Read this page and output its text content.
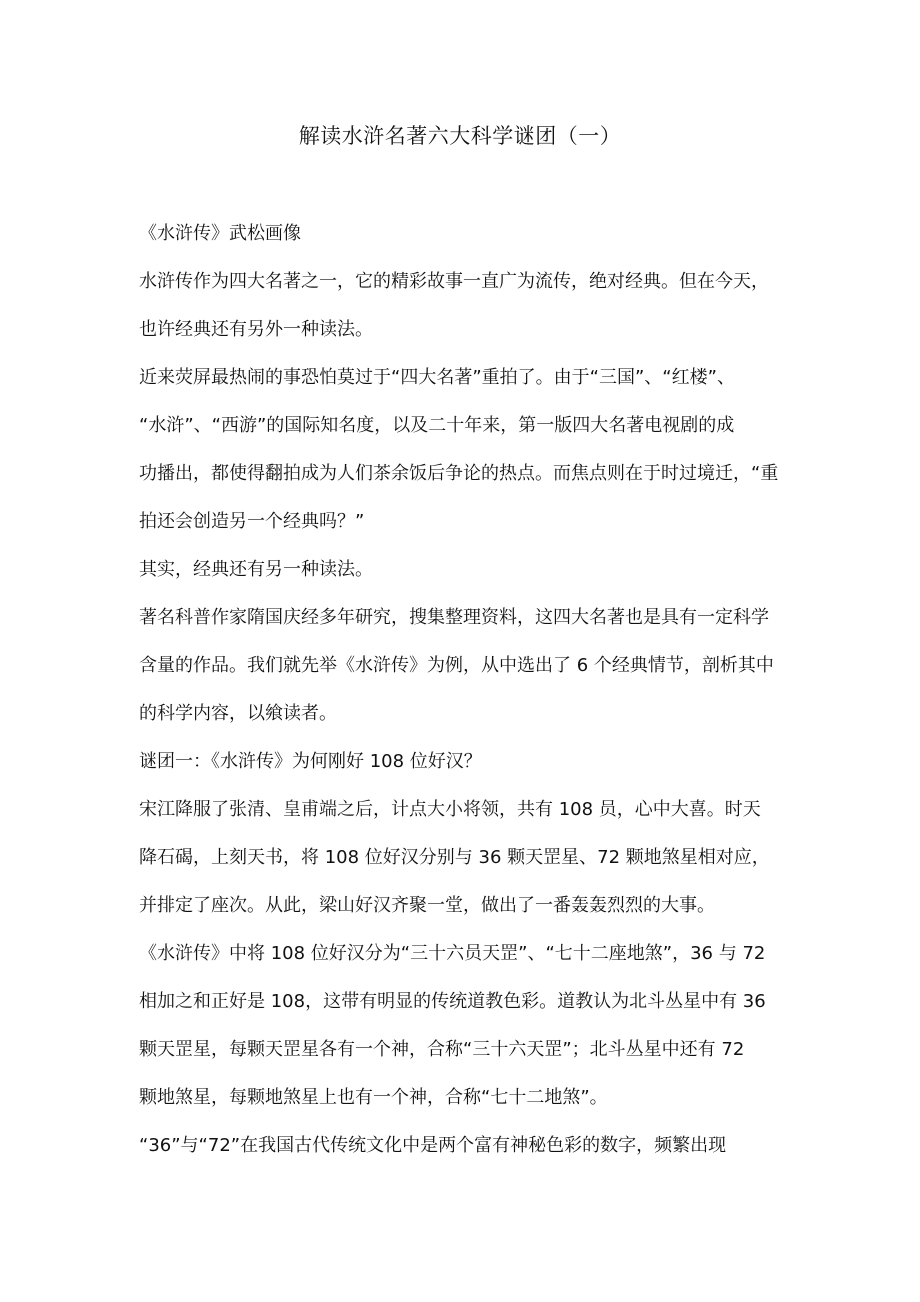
解读水浒名著六大科学谜团（一）
《水浒传》武松画像
水浒传作为四大名著之一，它的精彩故事一直广为流传，绝对经典。但在今天，
也许经典还有另外一种读法。
近来荧屏最热闹的事恐怕莫过于“四大名著”重拍了。由于“三国”、“红楼”、
“水浒”、“西游”的国际知名度，以及二十年来，第一版四大名著电视剧的成
功播出，都使得翻拍成为人们茶余饭后争论的热点。而焦点则在于时过境迁，“重
拍还会创造另一个经典吗？”
其实，经典还有另一种读法。
著名科普作家隋国庆经多年研究，搜集整理资料，这四大名著也是具有一定科学
含量的作品。我们就先举《水浒传》为例，从中选出了 6 个经典情节，剖析其中
的科学内容，以飨读者。
谜团一：《水浒传》为何刚好 108 位好汉？
宋江降服了张清、皇甫端之后，计点大小将领，共有 108 员，心中大喜。时天
降石碣，上刻天书，将 108 位好汉分别与 36 颗天罡星、72 颗地煞星相对应，
并排定了座次。从此，梁山好汉齐聚一堂，做出了一番轰轰烈烈的大事。
《水浒传》中将 108 位好汉分为“三十六员天罡”、“七十二座地煞”，36 与 72
相加之和正好是 108，这带有明显的传统道教色彩。道教认为北斗丛星中有 36
颗天罡星，每颗天罡星各有一个神，合称“三十六天罡”；北斗丛星中还有 72
颗地煞星，每颗地煞星上也有一个神，合称“七十二地煞”。
“36”与“72”在我国古代传统文化中是两个富有神秘色彩的数字，频繁出现
